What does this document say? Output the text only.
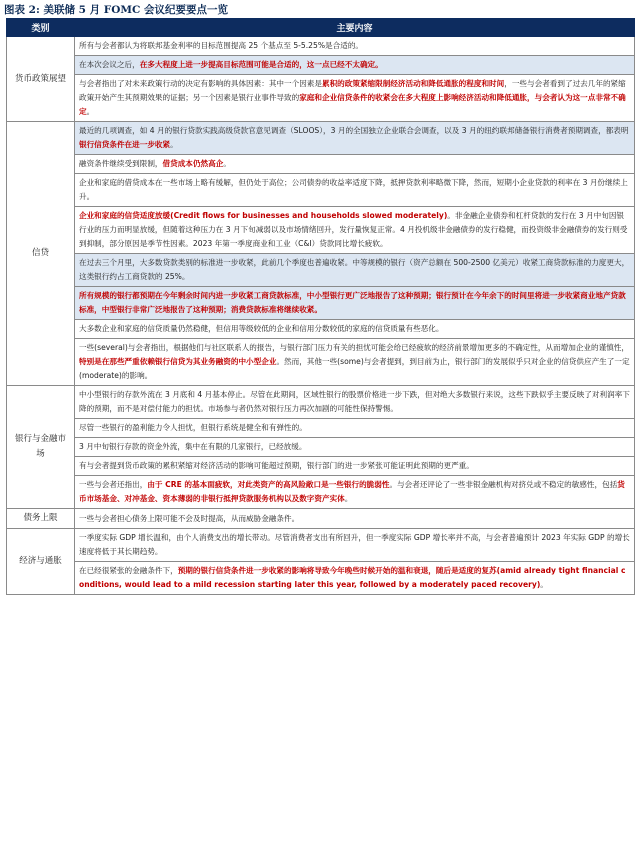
图表 2: 美联储 5 月 FOMC 会议纪要要点一览
类别	主要内容
货币政策展望	所有与会者都认为将联邦基金利率的目标范围提高 25 个基点至 5-5.25%是合适的。
	在本次会议之后，在多大程度上进一步提高目标范围可能是合适的，这一点已经不太确定。
	与会者指出了对未来政策行动的决定有影响的具体因素：其中一个因素是累积的政策紧缩限制经济活动和降低通胀的程度和时间，一些与会者看到了过去几年的紧缩政策开始产生其预期效果的证据；另一个因素是银行业事件导致的家庭和企业信贷条件的收紧会在多大程度上影响经济活动和降低通胀，与会者认为这一点非常不确定。
信贷	最近的几项调查，如 4 月的银行贷款实践高级贷款官意见调查（SLOOS），3 月的全国独立企业联合会调查，以及 3 月的纽约联邦储备银行消费者预期调查，都表明银行信贷条件在进一步收紧。
	融资条件继续受到限制，借贷成本仍然高企。
	企业和家庭的借贷成本在一些市场上略有缓解，但仍处于高位；公司债券的收益率适度下降，抵押贷款利率略微下降，然而，短期小企业贷款的利率在 3 月份继续上升。
	企业和家庭的信贷适度放缓(Credit flows for businesses and households slowed moderately)。非金融企业债券和杠杆贷款的发行在 3 月中旬因银行业的压力而明显放缓，但随着这种压力在 3 月下旬减弱以及市场情绪回升，发行量恢复正常。4 月投机级非金融债券的发行稳健，而投资级非金融债券的发行则受到抑制，部分原因是季节性因素。2023 年第一季度商业和工业（C&I）贷款同比增长疲软。
	在过去三个月里，大多数贷款类别的标准进一步收紧，此前几个季度也普遍收紧。中等规模的银行（资产总额在 500-2500 亿美元）收紧工商贷款标准的力度更大，这类银行约占工商贷款的 25%。
	所有规模的银行都预期在今年剩余时间内进一步收紧工商贷款标准，中小型银行更广泛地报告了这种预期；银行预计在今年余下的时间里将进一步收紧商业地产贷款标准，中型银行非常广泛地报告了这种预期；消费贷款标准将继续收紧。
	大多数企业和家庭的信贷质量仍然稳健，但信用等级较低的企业和信用分数较低的家庭的信贷质量有些恶化。
	一些(several)与会者指出，根据他们与社区联系人的报告，与银行部门压力有关的担忧可能会给已经疲软的经济前景增加更多的不确定性，从而增加企业的谨慎性，特别是在那些严重依赖银行信贷为其业务融资的中小型企业。然而，其他一些(some)与会者提到，到目前为止，银行部门的发展似乎只对企业的信贷供应产生了一定(moderate)的影响。
银行与金融市场	中小型银行的存款外流在 3 月底和 4 月基本停止。尽管在此期间，区域性银行的股票价格进一步下跌，但对绝大多数银行来说，这些下跌似乎主要反映了对利润率下降的预期，而不是对偿付能力的担忧。市场参与者仍然对银行压力再次加剧的可能性保持警惕。
	尽管一些银行的盈利能力令人担忧，但银行系统是健全和有弹性的。
	3 月中旬银行存款的资金外流，集中在有限的几家银行，已经放缓。
	有与会者提到货币政策的累积紧缩对经济活动的影响可能超过预期，银行部门的进一步紧张可能证明此预期的更严重。
	一些与会者还指出，由于 CRE 的基本面疲软，对此类资产的高风险敞口是一些银行的脆弱性。与会者还评论了一些非银金融机构对挤兑或不稳定的敏感性，包括货币市场基金、对冲基金、资本薄弱的非银行抵押贷款服务机构以及数字资产实体。
债务上限	一些与会者担心债务上限可能不会及时提高，从而威胁金融条件。
经济与通胀	一季度实际 GDP 增长温和，由个人消费支出的增长带动。尽管消费者支出有所回升，但一季度实际 GDP 增长率并不高，与会者普遍预计 2023 年实际 GDP 的增长速度将低于其长期趋势。
	在已经很紧张的金融条件下，预期的银行信贷条件进一步收紧的影响将导致今年晚些时候开始的温和衰退，随后是适度的复苏(amid already tight financial conditions, would lead to a mild recession starting later this year, followed by a moderately paced recovery)。
